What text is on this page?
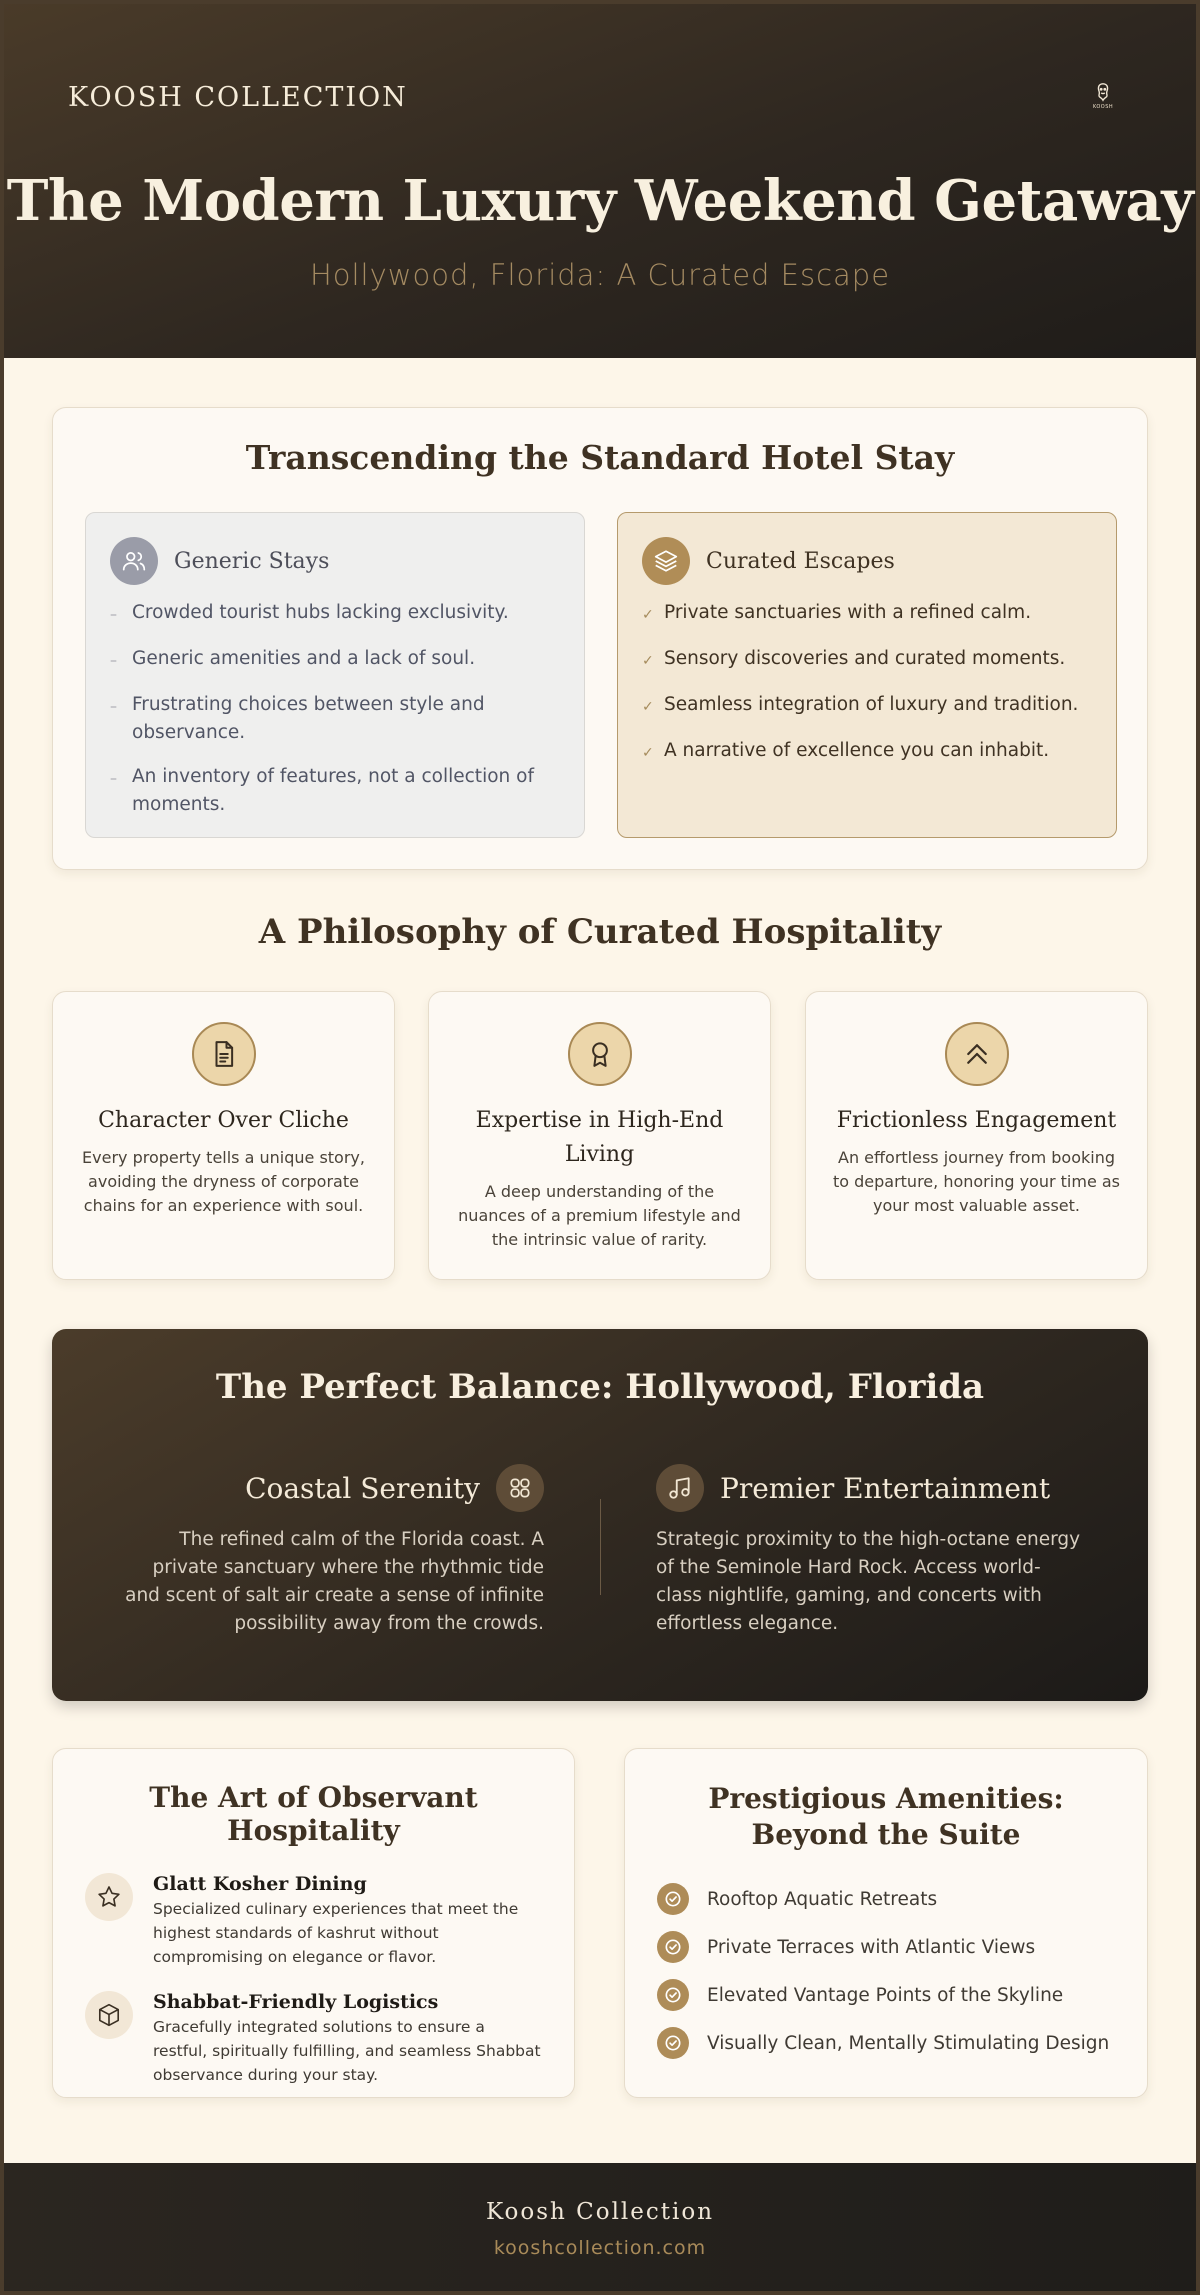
KOOSH COLLECTION	KOOSH
The Modern Luxury Weekend Getaway
Hollywood, Florida: A Curated Escape
Transcending the Standard Hotel Stay
Generic Stays
– Crowded tourist hubs lacking exclusivity.
– Generic amenities and a lack of soul.
– Frustrating choices between style and observance.
– An inventory of features, not a collection of moments.
Curated Escapes
✓ Private sanctuaries with a refined calm.
✓ Sensory discoveries and curated moments.
✓ Seamless integration of luxury and tradition.
✓ A narrative of excellence you can inhabit.
A Philosophy of Curated Hospitality
Character Over Cliche
Every property tells a unique story, avoiding the dryness of corporate chains for an experience with soul.
Expertise in High-End Living
A deep understanding of the nuances of a premium lifestyle and the intrinsic value of rarity.
Frictionless Engagement
An effortless journey from booking to departure, honoring your time as your most valuable asset.
The Perfect Balance: Hollywood, Florida
Coastal Serenity

The refined calm of the Florida coast. A private sanctuary where the rhythmic tide and scent of salt air create a sense of infinite possibility away from the crowds.

Premier Entertainment

Strategic proximity to the high-octane energy of the Seminole Hard Rock. Access world-class nightlife, gaming, and concerts with effortless elegance.

The Art of Observant Hospitality
Glatt Kosher Dining
Specialized culinary experiences that meet the highest standards of kashrut without compromising on elegance or flavor.
Shabbat-Friendly Logistics
Gracefully integrated solutions to ensure a restful, spiritually fulfilling, and seamless Shabbat observance during your stay.
Prestigious Amenities: Beyond the Suite
Rooftop Aquatic Retreats
Private Terraces with Atlantic Views
Elevated Vantage Points of the Skyline
Visually Clean, Mentally Stimulating Design
Koosh Collection
kooshcollection.com
